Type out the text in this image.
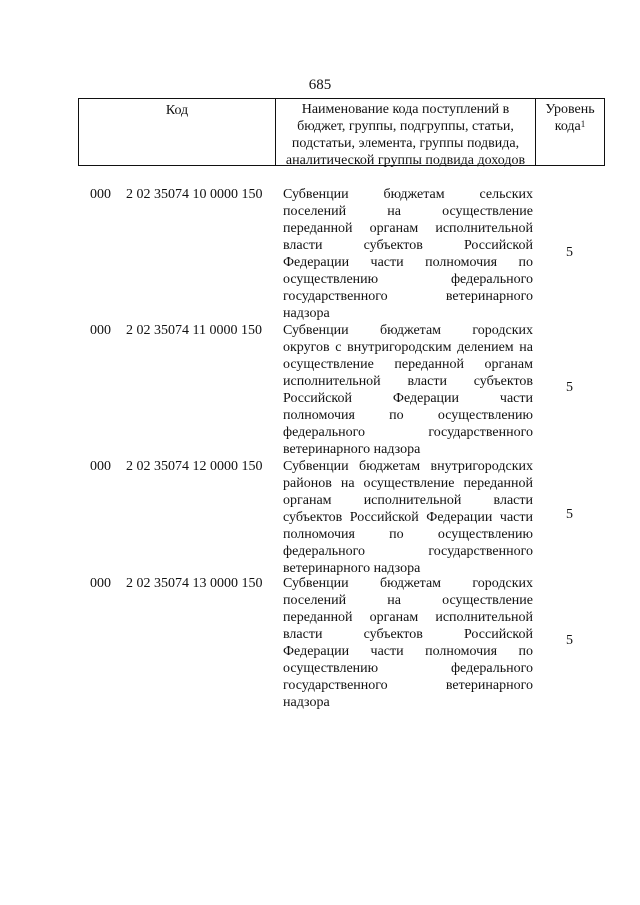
685
Код	Наименование кода поступлений в
бюджет, группы, подгруппы, статьи,
подстатьи, элемента, группы подвида,
аналитической группы подвида доходов
Уровень
кода$^1$
000 2 02 35074 10 0000 150 Субвенции бюджетам сельских
поселений на осуществление
переданной органам исполнительной
власти субъектов Российской
Федерации части полномочия по
осуществлению федерального
государственного ветеринарного
надзора
5
000 2 02 35074 11 0000 150 Субвенции бюджетам городских
округов с внутригородским делением на
осуществление переданной органам
исполнительной власти субъектов
Российской Федерации части
полномочия по осуществлению
федерального государственного
ветеринарного надзора
5
000 2 02 35074 12 0000 150 Субвенции бюджетам внутригородских
районов на осуществление переданной
органам исполнительной власти
субъектов Российской Федерации части
полномочия по осуществлению
федерального государственного
ветеринарного надзора
5
000 2 02 35074 13 0000 150 Субвенции бюджетам городских
поселений на осуществление
переданной органам исполнительной
власти субъектов Российской
Федерации части полномочия по
осуществлению федерального
государственного ветеринарного
надзора
5
